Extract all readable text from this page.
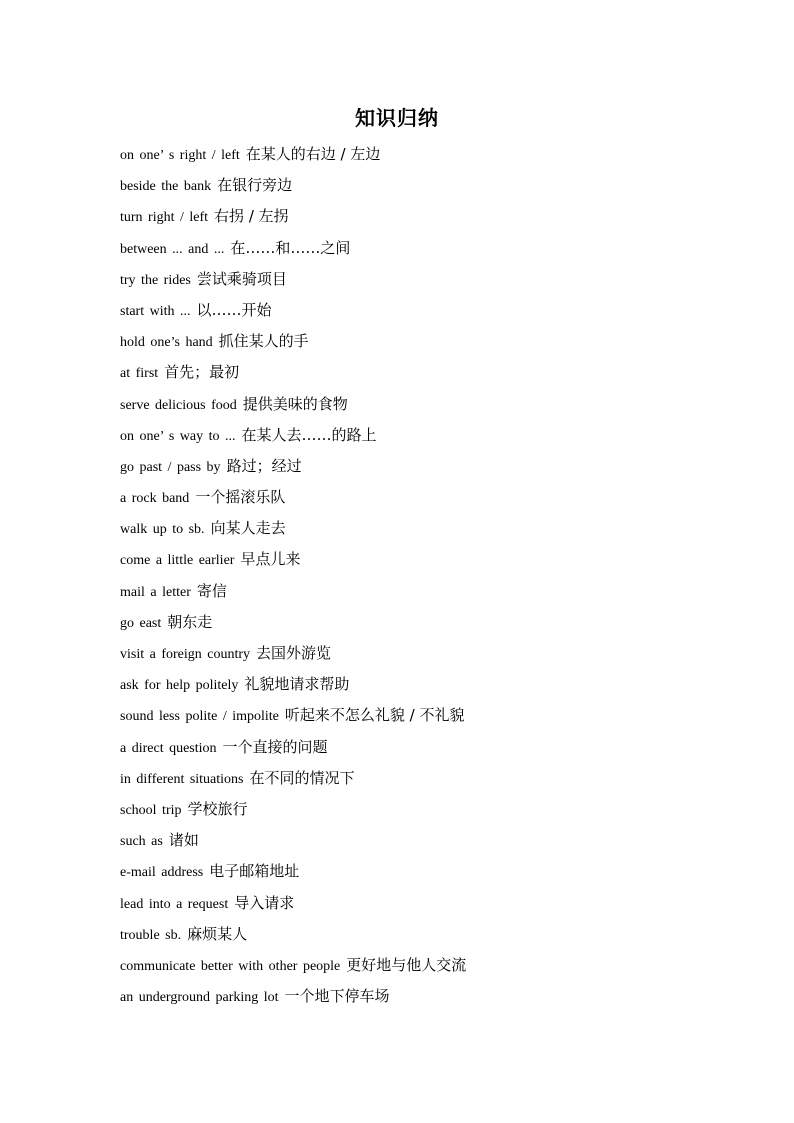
知识归纳
on one’ s right / left 在某人的右边 / 左边
beside the bank 在银行旁边
turn right / left 右拐 / 左拐
between ... and ... 在……和……之间
try the rides 尝试乘骑项目
start with ... 以……开始
hold one’s hand 抓住某人的手
at first 首先；最初
serve delicious food 提供美味的食物
on one’ s way to ... 在某人去……的路上
go past / pass by 路过；经过
a rock band 一个摇滚乐队
walk up to sb. 向某人走去
come a little earlier 早点儿来
mail a letter 寄信
go east 朝东走
visit a foreign country 去国外游览
ask for help politely 礼貌地请求帮助
sound less polite / impolite 听起来不怎么礼貌 / 不礼貌
a direct question 一个直接的问题
in different situations 在不同的情况下
school trip 学校旅行
such as 诸如
e-mail address 电子邮箱地址
lead into a request 导入请求
trouble sb. 麻烦某人
communicate better with other people 更好地与他人交流
an underground parking lot 一个地下停车场
